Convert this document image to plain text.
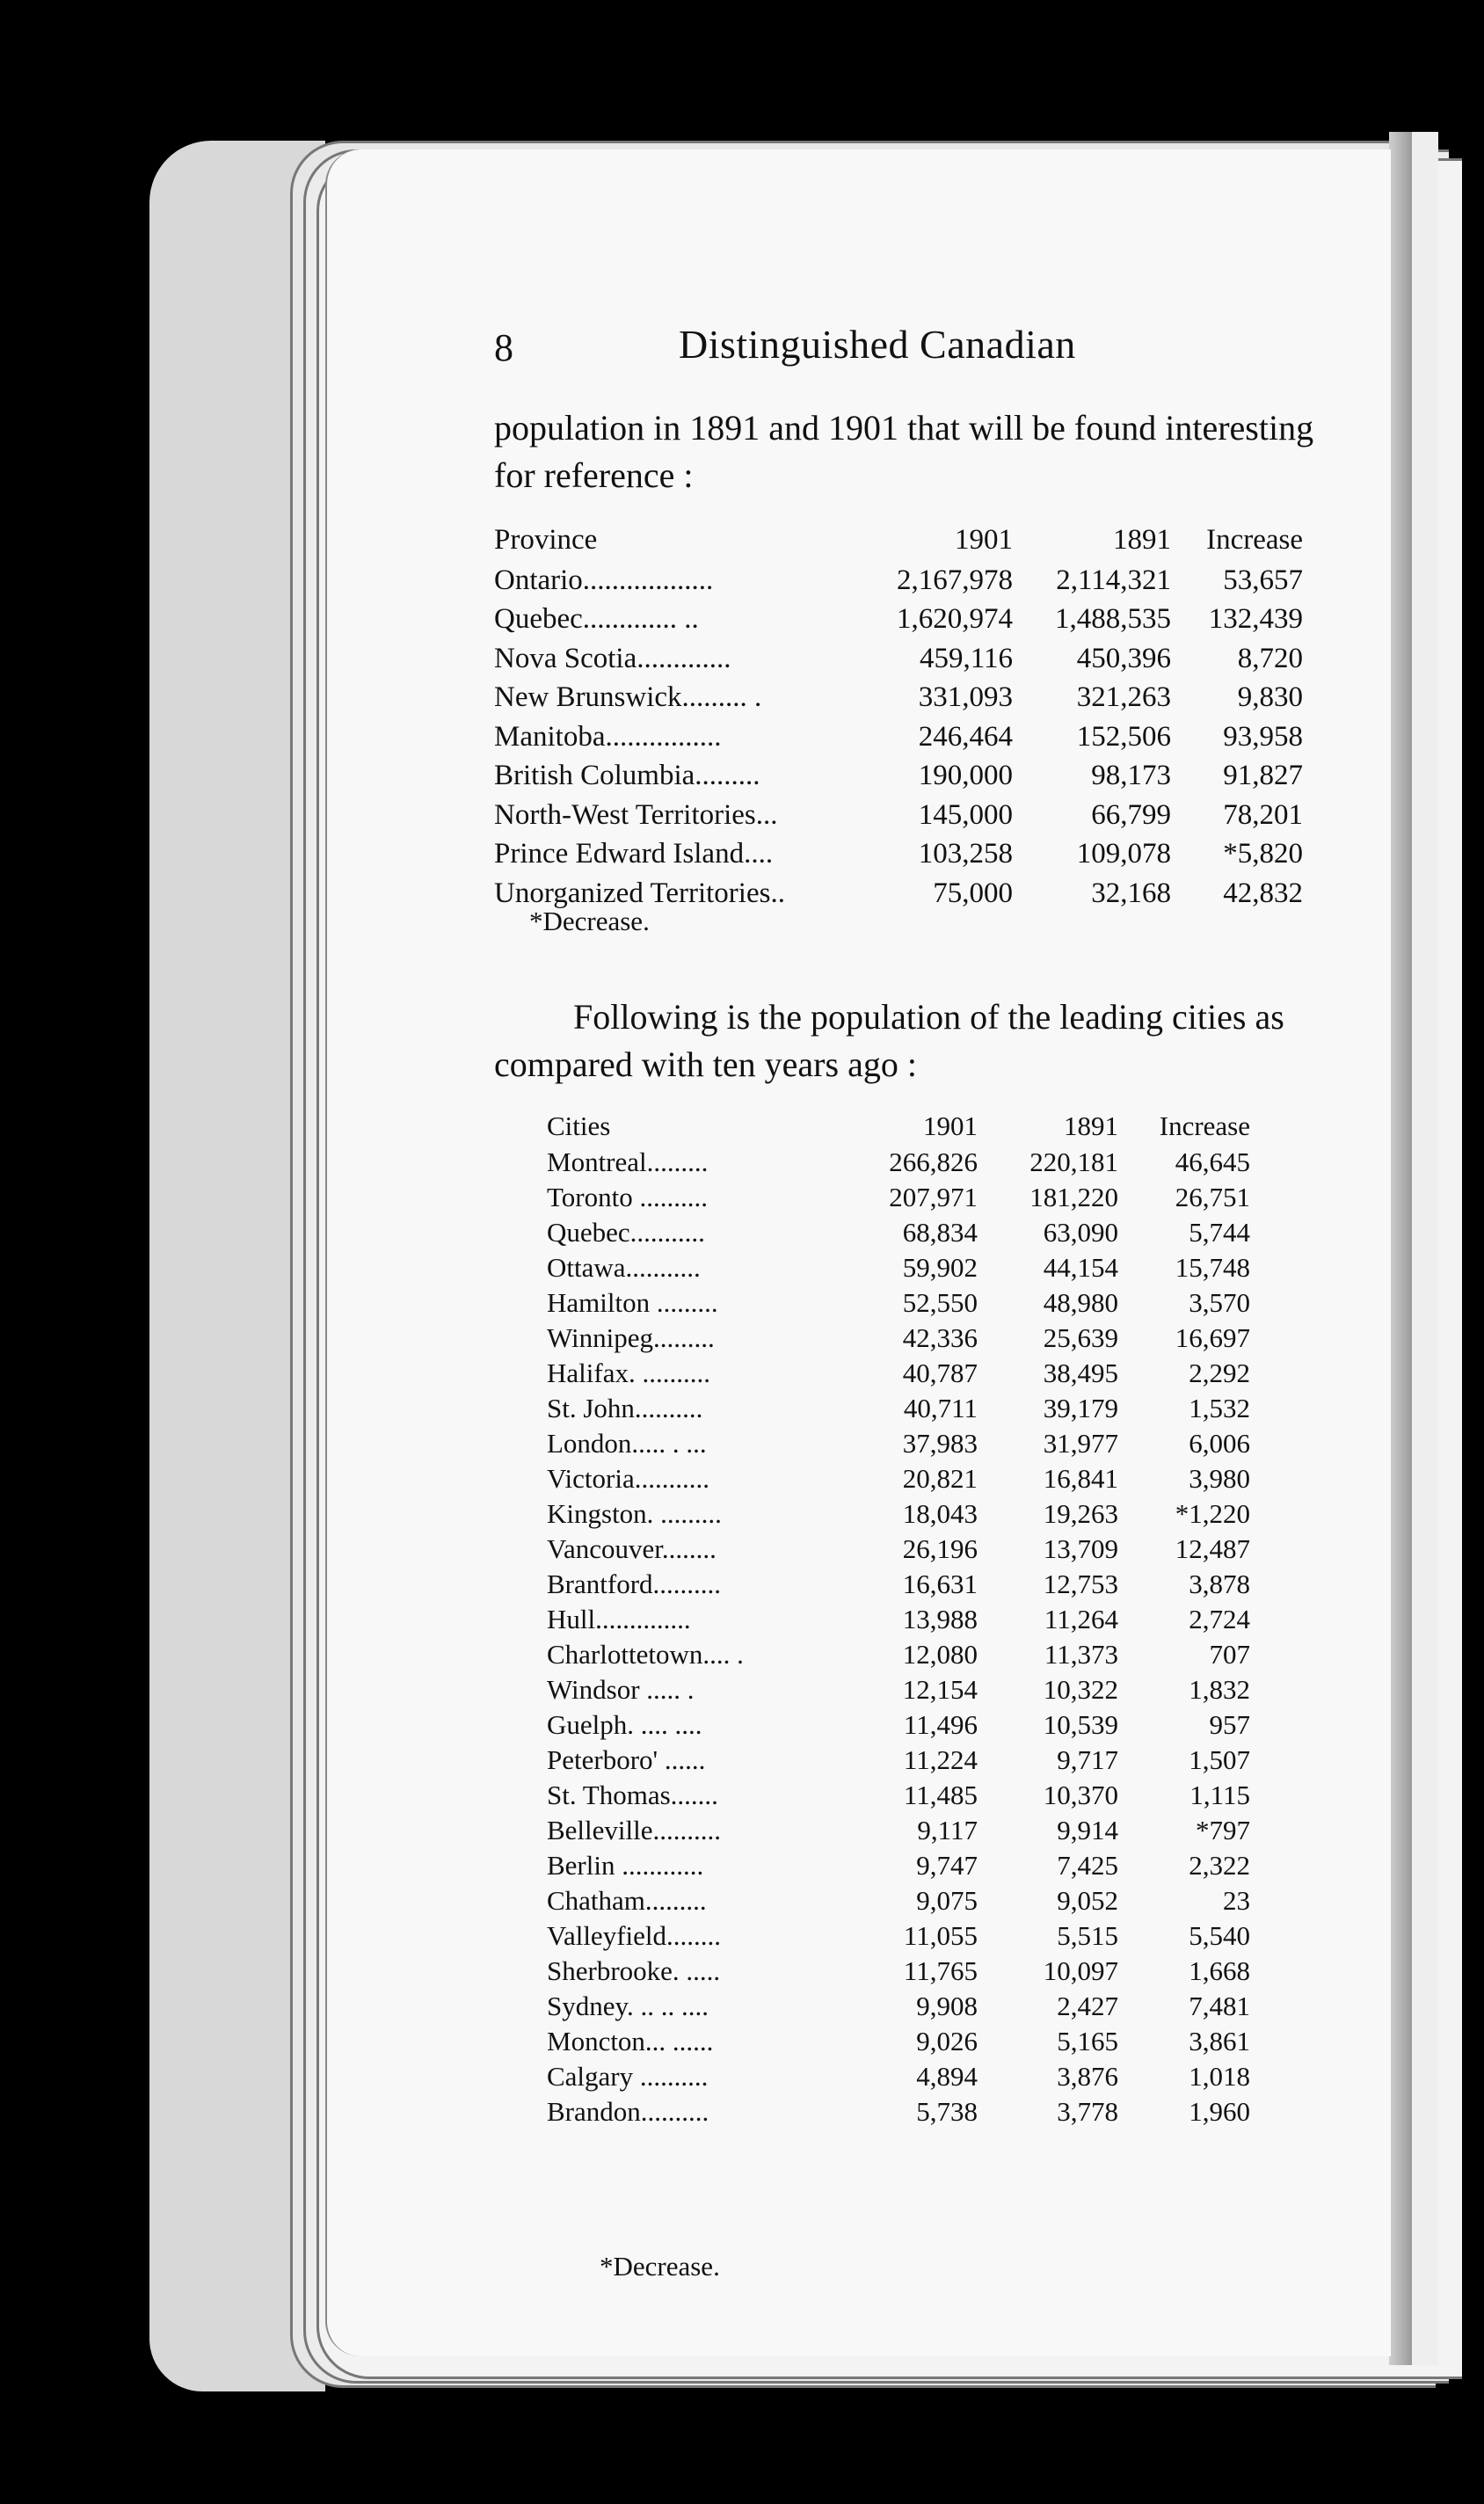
8	Distinguished Canadian
population in 1891 and 1901 that will be found interesting for reference :
Province	1901	1891	Increase
Ontario..................	2,167,978	2,114,321	53,657
Quebec............. ..	1,620,974	1,488,535	132,439
Nova Scotia.............	459,116	450,396	8,720
New Brunswick......... .	331,093	321,263	9,830
Manitoba................	246,464	152,506	93,958
British Columbia.........	190,000	98,173	91,827
North-West Territories...	145,000	66,799	78,201
Prince Edward Island....	103,258	109,078	*5,820
Unorganized Territories..	75,000	32,168	42,832
*Decrease.
Following is the population of the leading cities as compared with ten years ago :
Cities	1901	1891	Increase
Montreal.........	266,826	220,181	46,645
Toronto ..........	207,971	181,220	26,751
Quebec...........	68,834	63,090	5,744
Ottawa...........	59,902	44,154	15,748
Hamilton .........	52,550	48,980	3,570
Winnipeg.........	42,336	25,639	16,697
Halifax. ..........	40,787	38,495	2,292
St. John..........	40,711	39,179	1,532
London..... . ...	37,983	31,977	6,006
Victoria...........	20,821	16,841	3,980
Kingston. .........	18,043	19,263	*1,220
Vancouver........	26,196	13,709	12,487
Brantford..........	16,631	12,753	3,878
Hull..............	13,988	11,264	2,724
Charlottetown.... .	12,080	11,373	707
Windsor ..... .	12,154	10,322	1,832
Guelph. .... ....	11,496	10,539	957
Peterboro' ......	11,224	9,717	1,507
St. Thomas.......	11,485	10,370	1,115
Belleville..........	9,117	9,914	*797
Berlin ............	9,747	7,425	2,322
Chatham.........	9,075	9,052	23
Valleyfield........	11,055	5,515	5,540
Sherbrooke. .....	11,765	10,097	1,668
Sydney. .. .. ....	9,908	2,427	7,481
Moncton... ......	9,026	5,165	3,861
Calgary ..........	4,894	3,876	1,018
Brandon..........	5,738	3,778	1,960
*Decrease.
